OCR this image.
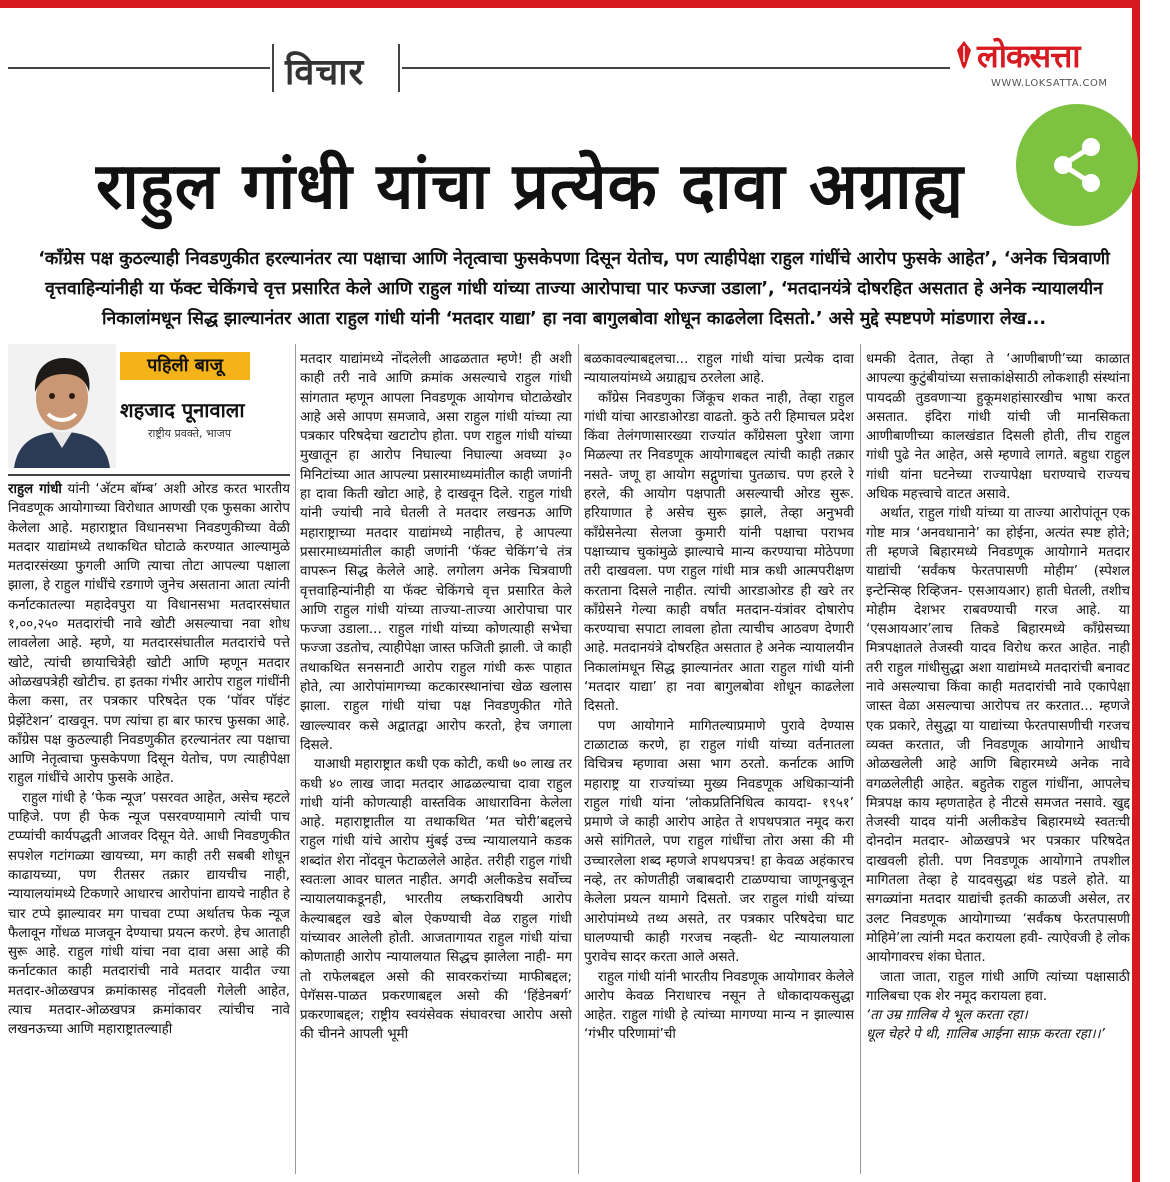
विचार	लोकसत्ता
WWW.LOKSATTA.COM
राहुल गांधी यांचा प्रत्येक दावा अग्राह्य
‘काँग्रेस पक्ष कुठल्याही निवडणुकीत हरल्यानंतर त्या पक्षाचा आणि नेतृत्वाचा फुसकेपणा दिसून येतोच, पण त्याहीपेक्षा राहुल गांधींचे आरोप फुसके आहेत’, ‘अनेक चित्रवाणी वृत्तवाहिन्यांनीही या फॅक्ट चेकिंगचे वृत्त प्रसारित केले आणि राहुल गांधी यांच्या ताज्या आरोपाचा पार फज्जा उडाला’, ‘मतदानयंत्रे दोषरहित असतात हे अनेक न्यायालयीन निकालांमधून सिद्ध झाल्यानंतर आता राहुल गांधी यांनी ‘मतदार याद्या’ हा नवा बागुलबोवा शोधून काढलेला दिसतो.’ असे मुद्दे स्पष्टपणे मांडणारा लेख...
पहिली बाजू
शहजाद पूनावाला
राष्ट्रीय प्रवक्ते, भाजप

राहुल गांधी यांनी ‘अ‍ॅटम बॉम्ब’ अशी ओरड करत भारतीय निवडणूक आयोगाच्या विरोधात आणखी एक फुसका आरोप केलेला आहे. महाराष्ट्रात विधानसभा निवडणुकीच्या वेळी मतदार याद्यांमध्ये तथाकथित घोटाळे करण्यात आल्यामुळे मतदारसंख्या फुगली आणि त्याचा तोटा आपल्या पक्षाला झाला, हे राहुल गांधींचे रडगाणे जुनेच असताना आता त्यांनी कर्नाटकातल्या महादेवपुरा या विधानसभा मतदारसंघात १,००,२५० मतदारांची नावे खोटी असल्याचा नवा शोध लावलेला आहे. म्हणे, या मतदारसंघातील मतदारांचे पत्ते खोटे, त्यांची छायाचित्रेही खोटी आणि म्हणून मतदार ओळखपत्रेही खोटीच. हा इतका गंभीर आरोप राहुल गांधींनी केला कसा, तर पत्रकार परिषदेत एक ‘पॉवर पॉइंट प्रेझेंटेशन’ दाखवून. पण त्यांचा हा बार फारच फुसका आहे. काँग्रेस पक्ष कुठल्याही निवडणुकीत हरल्यानंतर त्या पक्षाचा आणि नेतृत्वाचा फुसकेपणा दिसून येतोच, पण त्याहीपेक्षा राहुल गांधींचे आरोप फुसके आहेत.

राहुल गांधी हे ‘फेक न्यूज’ पसरवत आहेत, असेच म्हटले पाहिजे. पण ही फेक न्यूज पसरवण्यामागे त्यांची पाच टप्प्यांची कार्यपद्धती आजवर दिसून येते. आधी निवडणुकीत सपशेल गटांगळ्या खायच्या, मग काही तरी सबबी शोधून काढायच्या, पण रीतसर तक्रार द्यायचीच नाही, न्यायालयांमध्ये टिकणारे आधारच आरोपांना द्यायचे नाहीत हे चार टप्पे झाल्यावर मग पाचवा टप्पा अर्थातच फेक न्यूज फैलावून गोंधळ माजवून देण्याचा प्रयत्न करणे. हेच आताही सुरू आहे. राहुल गांधी यांचा नवा दावा असा आहे की कर्नाटकात काही मतदारांची नावे मतदार यादीत ज्या मतदार-ओळखपत्र क्रमांकासह नोंदवली गेलेली आहेत, त्याच मतदार-ओळखपत्र क्रमांकावर त्यांचीच नावे लखनऊच्या आणि महाराष्ट्रातल्याही

मतदार याद्यांमध्ये नोंदलेली आढळतात म्हणे! ही अशी काही तरी नावे आणि क्रमांक असल्याचे राहुल गांधी सांगतात म्हणून आपला निवडणूक आयोगच घोटाळेखोर आहे असे आपण समजावे, असा राहुल गांधी यांच्या त्या पत्रकार परिषदेचा खटाटोप होता. पण राहुल गांधी यांच्या मुखातून हा आरोप निघाल्या निघाल्या अवघ्या ३० मिनिटांच्या आत आपल्या प्रसारमाध्यमांतील काही जणांनी हा दावा किती खोटा आहे, हे दाखवून दिले. राहुल गांधी यांनी ज्यांची नावे घेतली ते मतदार लखनऊ आणि महाराष्ट्राच्या मतदार याद्यांमध्ये नाहीतच, हे आपल्या प्रसारमाध्यमांतील काही जणांनी ‘फॅक्ट चेकिंग’चे तंत्र वापरून सिद्ध केलेले आहे. लगोलग अनेक चित्रवाणी वृत्तवाहिन्यांनीही या फॅक्ट चेकिंगचे वृत्त प्रसारित केले आणि राहुल गांधी यांच्या ताज्या-ताज्या आरोपाचा पार फज्जा उडाला... राहुल गांधी यांच्या कोणत्याही सभेचा फज्जा उडतोच, त्याहीपेक्षा जास्त फजिती झाली. जे काही तथाकथित सनसनाटी आरोप राहुल गांधी करू पाहात होते, त्या आरोपांमागच्या कटकारस्थानांचा खेळ खलास झाला. राहुल गांधी यांचा पक्ष निवडणुकीत गोते खाल्ल्यावर कसे अद्वातद्वा आरोप करतो, हेच जगाला दिसले.

याआधी महाराष्ट्रात कधी एक कोटी, कधी ७० लाख तर कधी ४० लाख जादा मतदार आढळल्याचा दावा राहुल गांधी यांनी कोणत्याही वास्तविक आधाराविना केलेला आहे. महाराष्ट्रातील या तथाकथित ‘मत चोरी’बद्दलचे राहुल गांधी यांचे आरोप मुंबई उच्च न्यायालयाने कडक शब्दांत शेरा नोंदवून फेटाळलेले आहेत. तरीही राहुल गांधी स्वतःला आवर घालत नाहीत. अगदी अलीकडेच सर्वोच्च न्यायालयाकडूनही, भारतीय लष्कराविषयी आरोप केल्याबद्दल खडे बोल ऐकण्याची वेळ राहुल गांधी यांच्यावर आलेली होती. आजतागायत राहुल गांधी यांचा कोणताही आरोप न्यायालयात सिद्धच झालेला नाही- मग तो राफेलबद्दल असो की सावरकरांच्या माफीबद्दल; पेगॅसस-पाळत प्रकरणाबद्दल असो की ‘हिंडेनबर्ग’ प्रकरणाबद्दल; राष्ट्रीय स्वयंसेवक संघावरचा आरोप असो की चीनने आपली भूमी

बळकावल्याबद्दलचा... राहुल गांधी यांचा प्रत्येक दावा न्यायालयांमध्ये अग्राह्यच ठरलेला आहे.

काँग्रेस निवडणुका जिंकूच शकत नाही, तेव्हा राहुल गांधी यांचा आरडाओरडा वाढतो. कुठे तरी हिमाचल प्रदेश किंवा तेलंगणासारख्या राज्यांत काँग्रेसला पुरेशा जागा मिळल्या तर निवडणूक आयोगाबद्दल त्यांची काही तक्रार नसते- जणू हा आयोग सद्गुणांचा पुतळाच. पण हरले रे हरले, की आयोग पक्षपाती असल्याची ओरड सुरू. हरियाणात हे असेच सुरू झाले, तेव्हा अनुभवी काँग्रेसनेत्या सेलजा कुमारी यांनी पक्षाचा पराभव पक्षाच्याच चुकांमुळे झाल्याचे मान्य करण्याचा मोठेपणा तरी दाखवला. पण राहुल गांधी मात्र कधी आत्मपरीक्षण करताना दिसले नाहीत. त्यांची आरडाओरड ही खरे तर काँग्रेसने गेल्या काही वर्षांत मतदान-यंत्रांवर दोषारोप करण्याचा सपाटा लावला होता त्याचीच आठवण देणारी आहे. मतदानयंत्रे दोषरहित असतात हे अनेक न्यायालयीन निकालांमधून सिद्ध झाल्यानंतर आता राहुल गांधी यांनी ‘मतदार याद्या’ हा नवा बागुलबोवा शोधून काढलेला दिसतो.

पण आयोगाने मागितल्याप्रमाणे पुरावे देण्यास टाळाटाळ करणे, हा राहुल गांधी यांच्या वर्तनातला विचित्रच म्हणावा असा भाग ठरतो. कर्नाटक आणि महाराष्ट्र या राज्यांच्या मुख्य निवडणूक अधिकाऱ्यांनी राहुल गांधी यांना ‘लोकप्रतिनिधित्व कायदा- १९५१’ प्रमाणे जे काही आरोप आहेत ते शपथपत्रात नमूद करा असे सांगितले, पण राहुल गांधींचा तोरा असा की मी उच्चारलेला शब्द म्हणजे शपथपत्रच! हा केवळ अहंकारच नव्हे, तर कोणतीही जबाबदारी टाळण्याचा जाणूनबुजून केलेला प्रयत्न यामागे दिसतो. जर राहुल गांधी यांच्या आरोपांमध्ये तथ्य असते, तर पत्रकार परिषदेचा घाट घालण्याची काही गरजच नव्हती- थेट न्यायालयाला पुरावेच सादर करता आले असते.

राहुल गांधी यांनी भारतीय निवडणूक आयोगावर केलेले आरोप केवळ निराधारच नसून ते धोकादायकसुद्धा आहेत. राहुल गांधी हे त्यांच्या मागण्या मान्य न झाल्यास ‘गंभीर परिणामां’ची

धमकी देतात, तेव्हा ते ‘आणीबाणी’च्या काळात आपल्या कुटुंबीयांच्या सत्ताकांक्षेसाठी लोकशाही संस्थांना पायदळी तुडवणाऱ्या हुकूमशहांसारखीच भाषा करत असतात. इंदिरा गांधी यांची जी मानसिकता आणीबाणीच्या कालखंडात दिसली होती, तीच राहुल गांधी पुढे नेत आहेत, असे म्हणावे लागते. बहुधा राहुल गांधी यांना घटनेच्या राज्यापेक्षा घराण्याचे राज्यच अधिक महत्त्वाचे वाटत असावे.

अर्थात, राहुल गांधी यांच्या या ताज्या आरोपांतून एक गोष्ट मात्र ‘अनवधानाने’ का होईना, अत्यंत स्पष्ट होते; ती म्हणजे बिहारमध्ये निवडणूक आयोगाने मतदार याद्यांची ‘सर्वंकष फेरतपासणी मोहीम’ (स्पेशल इन्टेन्सिव्ह रिव्हिजन- एसआयआर) हाती घेतली, तशीच मोहीम देशभर राबवण्याची गरज आहे. या ‘एसआयआर’लाच तिकडे बिहारमध्ये काँग्रेसच्या मित्रपक्षातले तेजस्वी यादव विरोध करत आहेत. नाही तरी राहुल गांधीसुद्धा अशा याद्यांमध्ये मतदारांची बनावट नावे असल्याचा किंवा काही मतदारांची नावे एकापेक्षा जास्त वेळा असल्याचा आरोपच तर करतात... म्हणजे एक प्रकारे, तेसुद्धा या याद्यांच्या फेरतपासणीची गरजच व्यक्त करतात, जी निवडणूक आयोगाने आधीच ओळखलेली आहे आणि बिहारमध्ये अनेक नावे वगळलेलीही आहेत. बहुतेक राहुल गांधींना, आपलेच मित्रपक्ष काय म्हणताहेत हे नीटसे समजत नसावे. खुद्द तेजस्वी यादव यांनी अलीकडेच बिहारमध्ये स्वतःची दोनदोन मतदार- ओळखपत्रे भर पत्रकार परिषदेत दाखवली होती. पण निवडणूक आयोगाने तपशील मागितला तेव्हा हे यादवसुद्धा थंड पडले होते. या सगळ्यांना मतदार याद्यांची इतकी काळजी असेल, तर उलट निवडणूक आयोगाच्या ‘सर्वंकष फेरतपासणी मोहिमे’ला त्यांनी मदत करायला हवी- त्याऐवजी हे लोक आयोगावरच शंका घेतात.

जाता जाता, राहुल गांधी आणि त्यांच्या पक्षासाठी गालिबचा एक शेर नमूद करायला हवा.

‘ता उम्र ग़ालिब ये भूल करता रहा।

धूल चेहरे पे थी, ग़ालिब आईना साफ़ करता रहा।।’
